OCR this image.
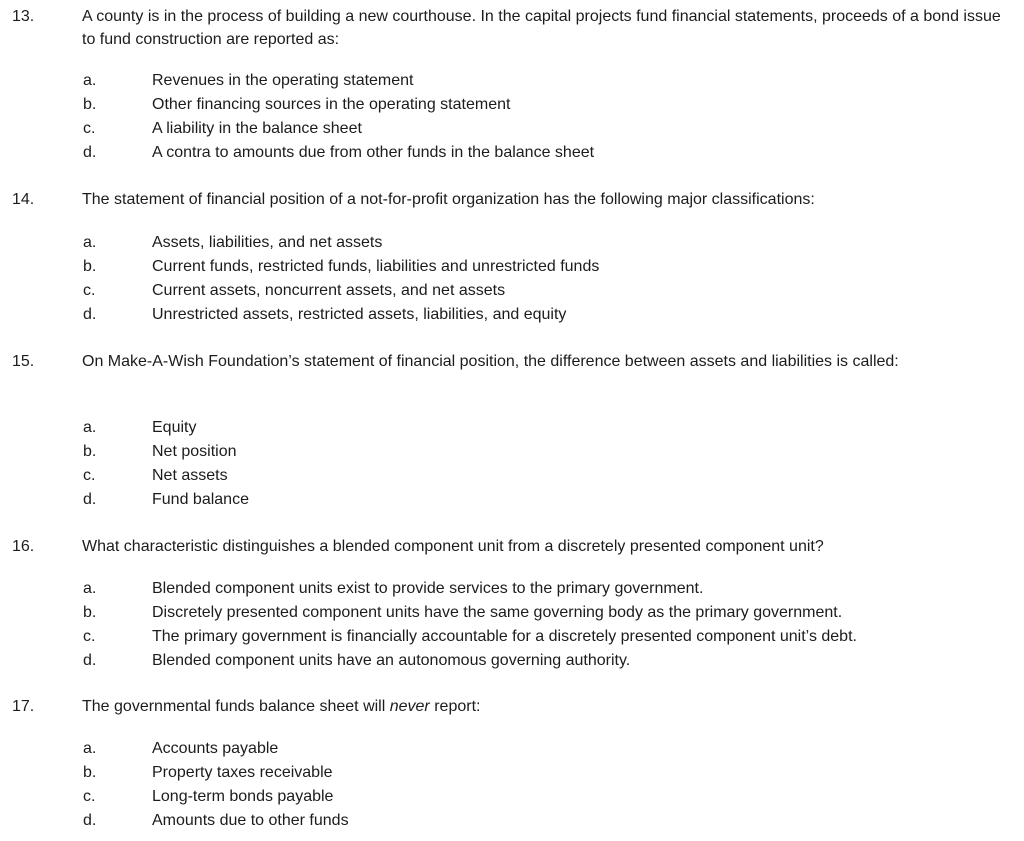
13.	A county is in the process of building a new courthouse. In the capital projects fund financial statements, proceeds of a bond issue to fund construction are reported as:
a.	Revenues in the operating statement
b.	Other financing sources in the operating statement
c.	A liability in the balance sheet
d.	A contra to amounts due from other funds in the balance sheet
14.	The statement of financial position of a not-for-profit organization has the following major classifications:
a.	Assets, liabilities, and net assets
b.	Current funds, restricted funds, liabilities and unrestricted funds
c.	Current assets, noncurrent assets, and net assets
d.	Unrestricted assets, restricted assets, liabilities, and equity
15.	On Make-A-Wish Foundation’s statement of financial position, the difference between assets and liabilities is called:
a.	Equity
b.	Net position
c.	Net assets
d.	Fund balance
16.	What characteristic distinguishes a blended component unit from a discretely presented component unit?
a.	Blended component units exist to provide services to the primary government.
b.	Discretely presented component units have the same governing body as the primary government.
c.	The primary government is financially accountable for a discretely presented component unit’s debt.
d.	Blended component units have an autonomous governing authority.
17.	The governmental funds balance sheet will never report:
a.	Accounts payable
b.	Property taxes receivable
c.	Long-term bonds payable
d.	Amounts due to other funds
